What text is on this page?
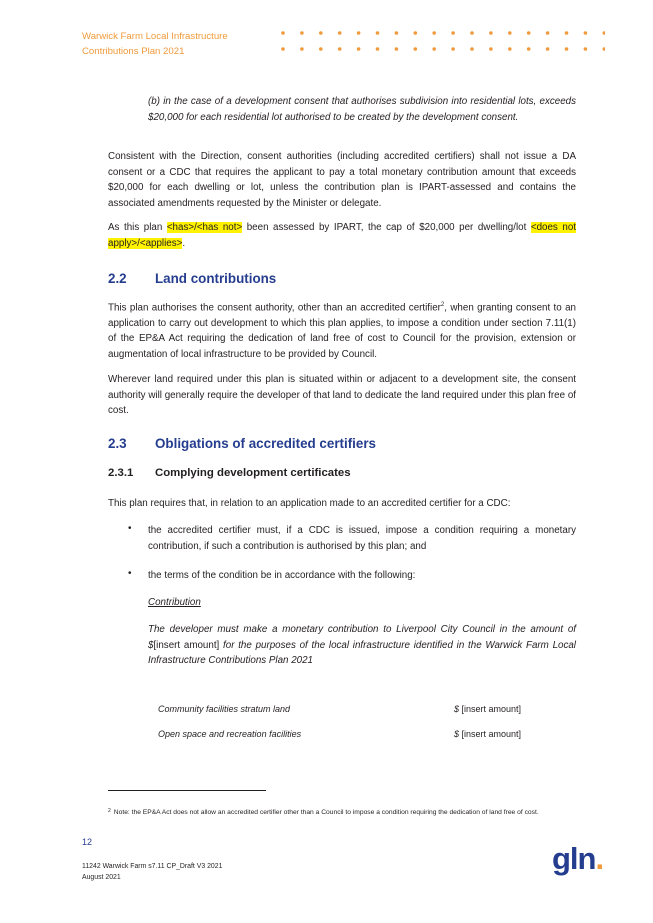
Warwick Farm Local Infrastructure
Contributions Plan 2021
(b) in the case of a development consent that authorises subdivision into residential lots, exceeds $20,000 for each residential lot authorised to be created by the development consent.
Consistent with the Direction, consent authorities (including accredited certifiers) shall not issue a DA consent or a CDC that requires the applicant to pay a total monetary contribution amount that exceeds $20,000 for each dwelling or lot, unless the contribution plan is IPART-assessed and contains the associated amendments requested by the Minister or delegate.
As this plan <has>/<has not> been assessed by IPART, the cap of $20,000 per dwelling/lot <does not apply>/<applies>.
2.2 Land contributions
This plan authorises the consent authority, other than an accredited certifier$^2$, when granting consent to an application to carry out development to which this plan applies, to impose a condition under section 7.11(1) of the EP&A Act requiring the dedication of land free of cost to Council for the provision, extension or augmentation of local infrastructure to be provided by Council.
Wherever land required under this plan is situated within or adjacent to a development site, the consent authority will generally require the developer of that land to dedicate the land required under this plan free of cost.
2.3 Obligations of accredited certifiers
2.3.1 Complying development certificates
This plan requires that, in relation to an application made to an accredited certifier for a CDC:
• the accredited certifier must, if a CDC is issued, impose a condition requiring a monetary contribution, if such a contribution is authorised by this plan; and
• the terms of the condition be in accordance with the following:
Contribution
The developer must make a monetary contribution to Liverpool City Council in the amount of $[insert amount] for the purposes of the local infrastructure identified in the Warwick Farm Local Infrastructure Contributions Plan 2021
Community facilities stratum land	$ [insert amount]
Open space and recreation facilities	$ [insert amount]
$^2$ Note: the EP&A Act does not allow an accredited certifier other than a Council to impose a condition requiring the dedication of land free of cost.
12
11242 Warwick Farm s7.11 CP_Draft V3 2021
August 2021
gln.
